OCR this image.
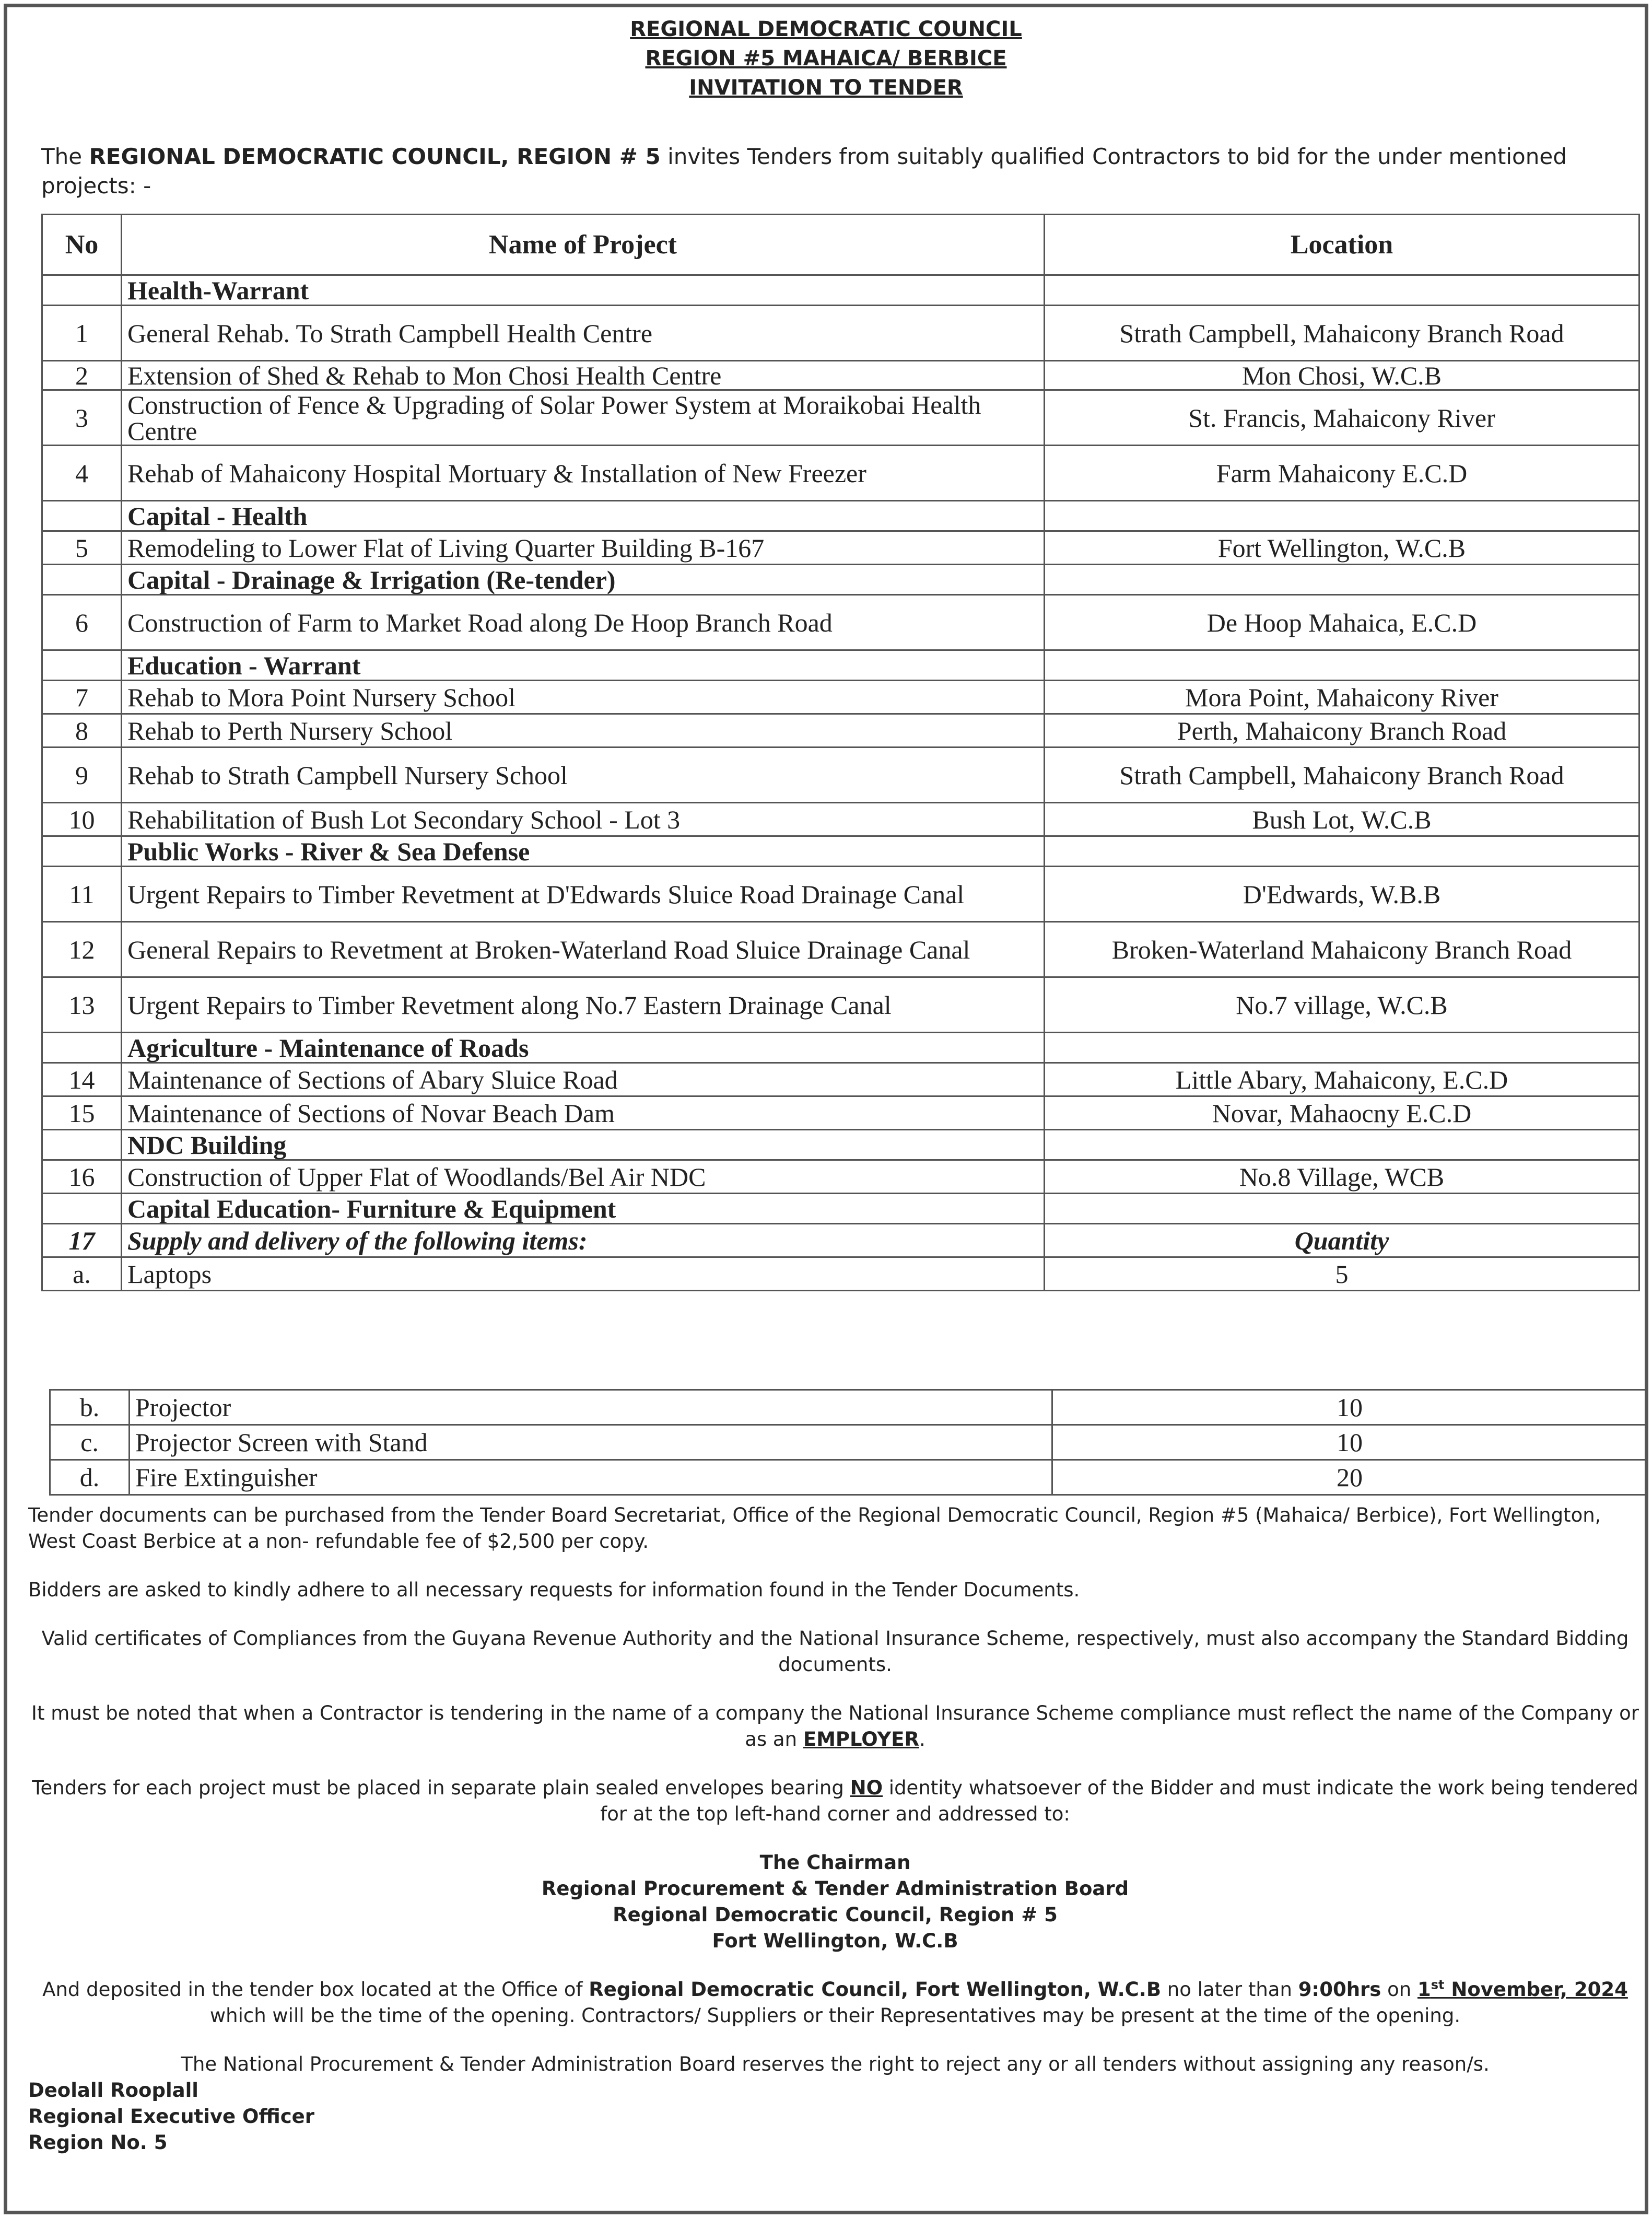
REGIONAL DEMOCRATIC COUNCIL
REGION #5 MAHAICA/ BERBICE
INVITATION TO TENDER
The REGIONAL DEMOCRATIC COUNCIL, REGION # 5 invites Tenders from suitably qualified Contractors to bid for the under mentioned projects: -
No	Name of Project	Location
	Health-Warrant	
1	General Rehab. To Strath Campbell Health Centre	Strath Campbell, Mahaicony Branch Road
2	Extension of Shed & Rehab to Mon Chosi Health Centre	Mon Chosi, W.C.B
3	Construction of Fence & Upgrading of Solar Power System at Moraikobai Health Centre	St. Francis, Mahaicony River
4	Rehab of Mahaicony Hospital Mortuary & Installation of New Freezer	Farm Mahaicony E.C.D
	Capital - Health	
5	Remodeling to Lower Flat of Living Quarter Building B-167	Fort Wellington, W.C.B
	Capital - Drainage & Irrigation (Re-tender)	
6	Construction of Farm to Market Road along De Hoop Branch Road	De Hoop Mahaica, E.C.D
	Education - Warrant	
7	Rehab to Mora Point Nursery School	Mora Point, Mahaicony River
8	Rehab to Perth Nursery School	Perth, Mahaicony Branch Road
9	Rehab to Strath Campbell Nursery School	Strath Campbell, Mahaicony Branch Road
10	Rehabilitation of Bush Lot Secondary School - Lot 3	Bush Lot, W.C.B
	Public Works - River & Sea Defense	
11	Urgent Repairs to Timber Revetment at D'Edwards Sluice Road Drainage Canal	D'Edwards, W.B.B
12	General Repairs to Revetment at Broken-Waterland Road Sluice Drainage Canal	Broken-Waterland Mahaicony Branch Road
13	Urgent Repairs to Timber Revetment along No.7 Eastern Drainage Canal	No.7 village, W.C.B
	Agriculture - Maintenance of Roads	
14	Maintenance of Sections of Abary Sluice Road	Little Abary, Mahaicony, E.C.D
15	Maintenance of Sections of Novar Beach Dam	Novar, Mahaocny E.C.D
	NDC Building	
16	Construction of Upper Flat of Woodlands/Bel Air NDC	No.8 Village, WCB
	Capital Education- Furniture & Equipment	
17	Supply and delivery of the following items:	Quantity
a.	Laptops	5
b.	Projector	10
c.	Projector Screen with Stand	10
d.	Fire Extinguisher	20

Tender documents can be purchased from the Tender Board Secretariat, Office of the Regional Democratic Council, Region #5 (Mahaica/ Berbice), Fort Wellington, West Coast Berbice at a non- refundable fee of $2,500 per copy.

Bidders are asked to kindly adhere to all necessary requests for information found in the Tender Documents.

Valid certificates of Compliances from the Guyana Revenue Authority and the National Insurance Scheme, respectively, must also accompany the Standard Bidding documents.

It must be noted that when a Contractor is tendering in the name of a company the National Insurance Scheme compliance must reflect the name of the Company or as an EMPLOYER.

Tenders for each project must be placed in separate plain sealed envelopes bearing NO identity whatsoever of the Bidder and must indicate the work being tendered for at the top left-hand corner and addressed to:

The Chairman
Regional Procurement & Tender Administration Board
Regional Democratic Council, Region # 5
Fort Wellington, W.C.B

And deposited in the tender box located at the Office of Regional Democratic Council, Fort Wellington, W.C.B no later than 9:00hrs on 1st November, 2024 which will be the time of the opening. Contractors/ Suppliers or their Representatives may be present at the time of the opening.

The National Procurement & Tender Administration Board reserves the right to reject any or all tenders without assigning any reason/s.

Deolall Rooplall
Regional Executive Officer
Region No. 5
